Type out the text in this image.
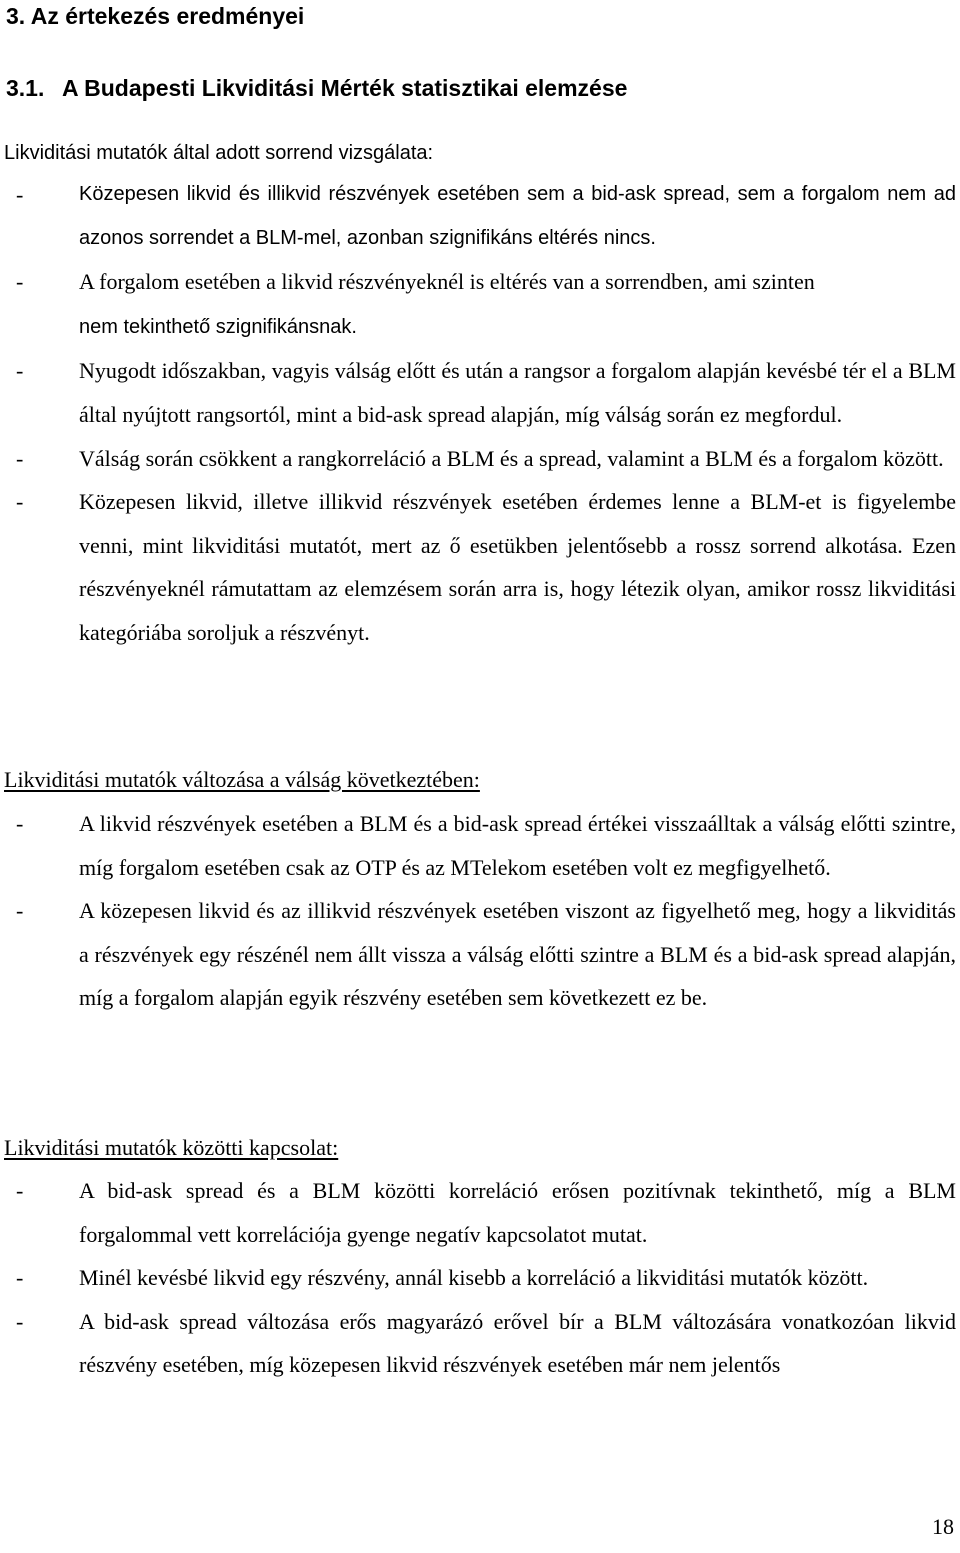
3. Az értekezés eredményei
3.1. A Budapesti Likviditási Mérték statisztikai elemzése

Likviditási mutatók által adott sorrend vizsgálata:

-	Közepesen likvid és illikvid részvények esetében sem a bid-ask spread, sem a forgalom nem ad azonos sorrendet a BLM-mel, azonban szignifikáns eltérés nincs.
-	A forgalom esetében a likvid részvényeknél is eltérés van a sorrendben, ami szinten
nem tekinthető szignifikánsnak.
-	Nyugodt időszakban, vagyis válság előtt és után a rangsor a forgalom alapján kevésbé tér el a BLM által nyújtott rangsortól, mint a bid-ask spread alapján, míg válság során ez megfordul.
-	Válság során csökkent a rangkorreláció a BLM és a spread, valamint a BLM és a forgalom között.
-	Közepesen likvid, illetve illikvid részvények esetében érdemes lenne a BLM-et is figyelembe venni, mint likviditási mutatót, mert az ő esetükben jelentősebb a rossz sorrend alkotása. Ezen részvényeknél rámutattam az elemzésem során arra is, hogy létezik olyan, amikor rossz likviditási kategóriába soroljuk a részvényt.

Likviditási mutatók változása a válság következtében:

-	A likvid részvények esetében a BLM és a bid-ask spread értékei visszaálltak a válság előtti szintre, míg forgalom esetében csak az OTP és az MTelekom esetében volt ez megfigyelhető.
-	A közepesen likvid és az illikvid részvények esetében viszont az figyelhető meg, hogy a likviditás a részvények egy részénél nem állt vissza a válság előtti szintre a BLM és a bid-ask spread alapján, míg a forgalom alapján egyik részvény esetében sem következett ez be.

Likviditási mutatók közötti kapcsolat:

-	A bid-ask spread és a BLM közötti korreláció erősen pozitívnak tekinthető, míg a BLM forgalommal vett korrelációja gyenge negatív kapcsolatot mutat.
-	Minél kevésbé likvid egy részvény, annál kisebb a korreláció a likviditási mutatók között.
-	A bid-ask spread változása erős magyarázó erővel bír a BLM változására vonatkozóan likvid részvény esetében, míg közepesen likvid részvények esetében már nem jelentős

18
